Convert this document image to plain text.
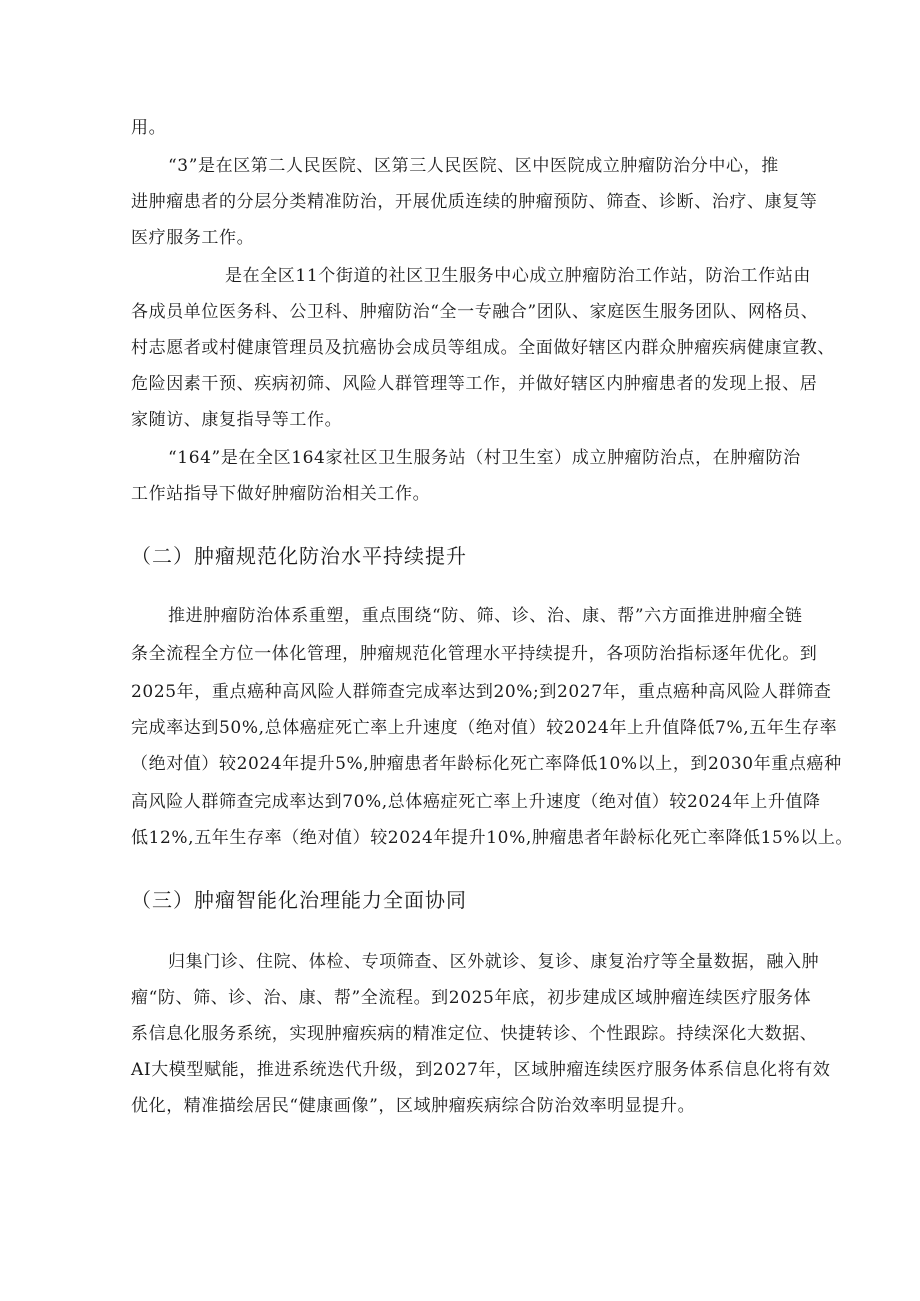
用。
“3”是在区第二人民医院、区第三人民医院、区中医院成立肿瘤防治分中心，推
进肿瘤患者的分层分类精准防治，开展优质连续的肿瘤预防、筛查、诊断、治疗、康复等
医疗服务工作。
是在全区11个街道的社区卫生服务中心成立肿瘤防治工作站，防治工作站由
各成员单位医务科、公卫科、肿瘤防治“全一专融合”团队、家庭医生服务团队、网格员、
村志愿者或村健康管理员及抗癌协会成员等组成。全面做好辖区内群众肿瘤疾病健康宣教、
危险因素干预、疾病初筛、风险人群管理等工作，并做好辖区内肿瘤患者的发现上报、居
家随访、康复指导等工作。
“164”是在全区164家社区卫生服务站（村卫生室）成立肿瘤防治点，在肿瘤防治
工作站指导下做好肿瘤防治相关工作。
（二）肿瘤规范化防治水平持续提升
推进肿瘤防治体系重塑，重点围绕“防、筛、诊、治、康、帮”六方面推进肿瘤全链
条全流程全方位一体化管理，肿瘤规范化管理水平持续提升，各项防治指标逐年优化。到
2025年，重点癌种高风险人群筛查完成率达到20%;到2027年，重点癌种高风险人群筛查
完成率达到50%,总体癌症死亡率上升速度（绝对值）较2024年上升值降低7%,五年生存率
（绝对值）较2024年提升5%,肿瘤患者年龄标化死亡率降低10%以上，到2030年重点癌种
高风险人群筛查完成率达到70%,总体癌症死亡率上升速度（绝对值）较2024年上升值降
低12%,五年生存率（绝对值）较2024年提升10%,肿瘤患者年龄标化死亡率降低15%以上。
（三）肿瘤智能化治理能力全面协同
归集门诊、住院、体检、专项筛查、区外就诊、复诊、康复治疗等全量数据，融入肿
瘤“防、筛、诊、治、康、帮”全流程。到2025年底，初步建成区域肿瘤连续医疗服务体
系信息化服务系统，实现肿瘤疾病的精准定位、快捷转诊、个性跟踪。持续深化大数据、
AI大模型赋能，推进系统迭代升级，到2027年，区域肿瘤连续医疗服务体系信息化将有效
优化，精准描绘居民“健康画像”，区域肿瘤疾病综合防治效率明显提升。
